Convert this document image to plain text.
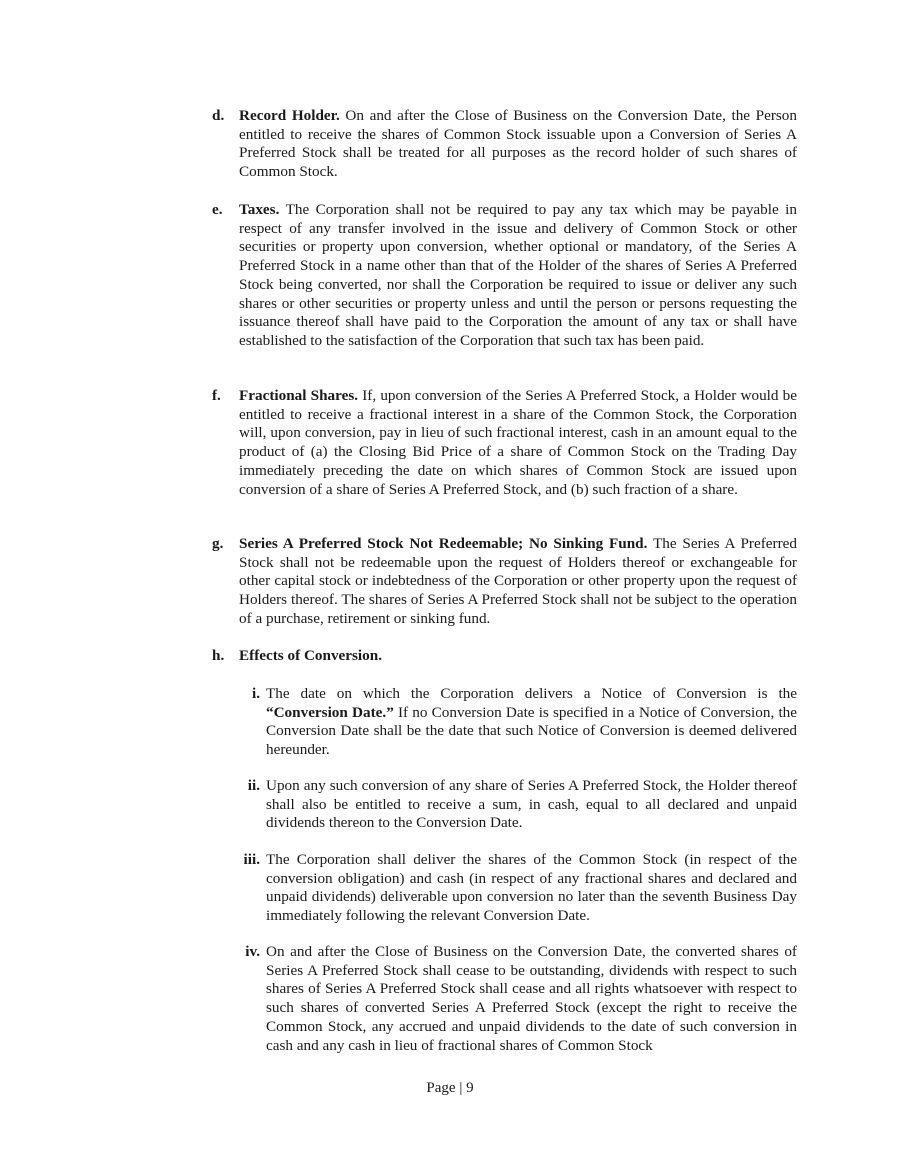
d. Record Holder. On and after the Close of Business on the Conversion Date, the Person entitled to receive the shares of Common Stock issuable upon a Conversion of Series A Preferred Stock shall be treated for all purposes as the record holder of such shares of Common Stock.
e. Taxes. The Corporation shall not be required to pay any tax which may be payable in respect of any transfer involved in the issue and delivery of Common Stock or other securities or property upon conversion, whether optional or mandatory, of the Series A Preferred Stock in a name other than that of the Holder of the shares of Series A Preferred Stock being converted, nor shall the Corporation be required to issue or deliver any such shares or other securities or property unless and until the person or persons requesting the issuance thereof shall have paid to the Corporation the amount of any tax or shall have established to the satisfaction of the Corporation that such tax has been paid.
f. Fractional Shares. If, upon conversion of the Series A Preferred Stock, a Holder would be entitled to receive a fractional interest in a share of the Common Stock, the Corporation will, upon conversion, pay in lieu of such fractional interest, cash in an amount equal to the product of (a) the Closing Bid Price of a share of Common Stock on the Trading Day immediately preceding the date on which shares of Common Stock are issued upon conversion of a share of Series A Preferred Stock, and (b) such fraction of a share.
g. Series A Preferred Stock Not Redeemable; No Sinking Fund. The Series A Preferred Stock shall not be redeemable upon the request of Holders thereof or exchangeable for other capital stock or indebtedness of the Corporation or other property upon the request of Holders thereof. The shares of Series A Preferred Stock shall not be subject to the operation of a purchase, retirement or sinking fund.
h. Effects of Conversion.
i. The date on which the Corporation delivers a Notice of Conversion is the “Conversion Date.” If no Conversion Date is specified in a Notice of Conversion, the Conversion Date shall be the date that such Notice of Conversion is deemed delivered hereunder.
ii. Upon any such conversion of any share of Series A Preferred Stock, the Holder thereof shall also be entitled to receive a sum, in cash, equal to all declared and unpaid dividends thereon to the Conversion Date.
iii. The Corporation shall deliver the shares of the Common Stock (in respect of the conversion obligation) and cash (in respect of any fractional shares and declared and unpaid dividends) deliverable upon conversion no later than the seventh Business Day immediately following the relevant Conversion Date.
iv. On and after the Close of Business on the Conversion Date, the converted shares of Series A Preferred Stock shall cease to be outstanding, dividends with respect to such shares of Series A Preferred Stock shall cease and all rights whatsoever with respect to such shares of converted Series A Preferred Stock (except the right to receive the Common Stock, any accrued and unpaid dividends to the date of such conversion in cash and any cash in lieu of fractional shares of Common Stock
Page | 9
